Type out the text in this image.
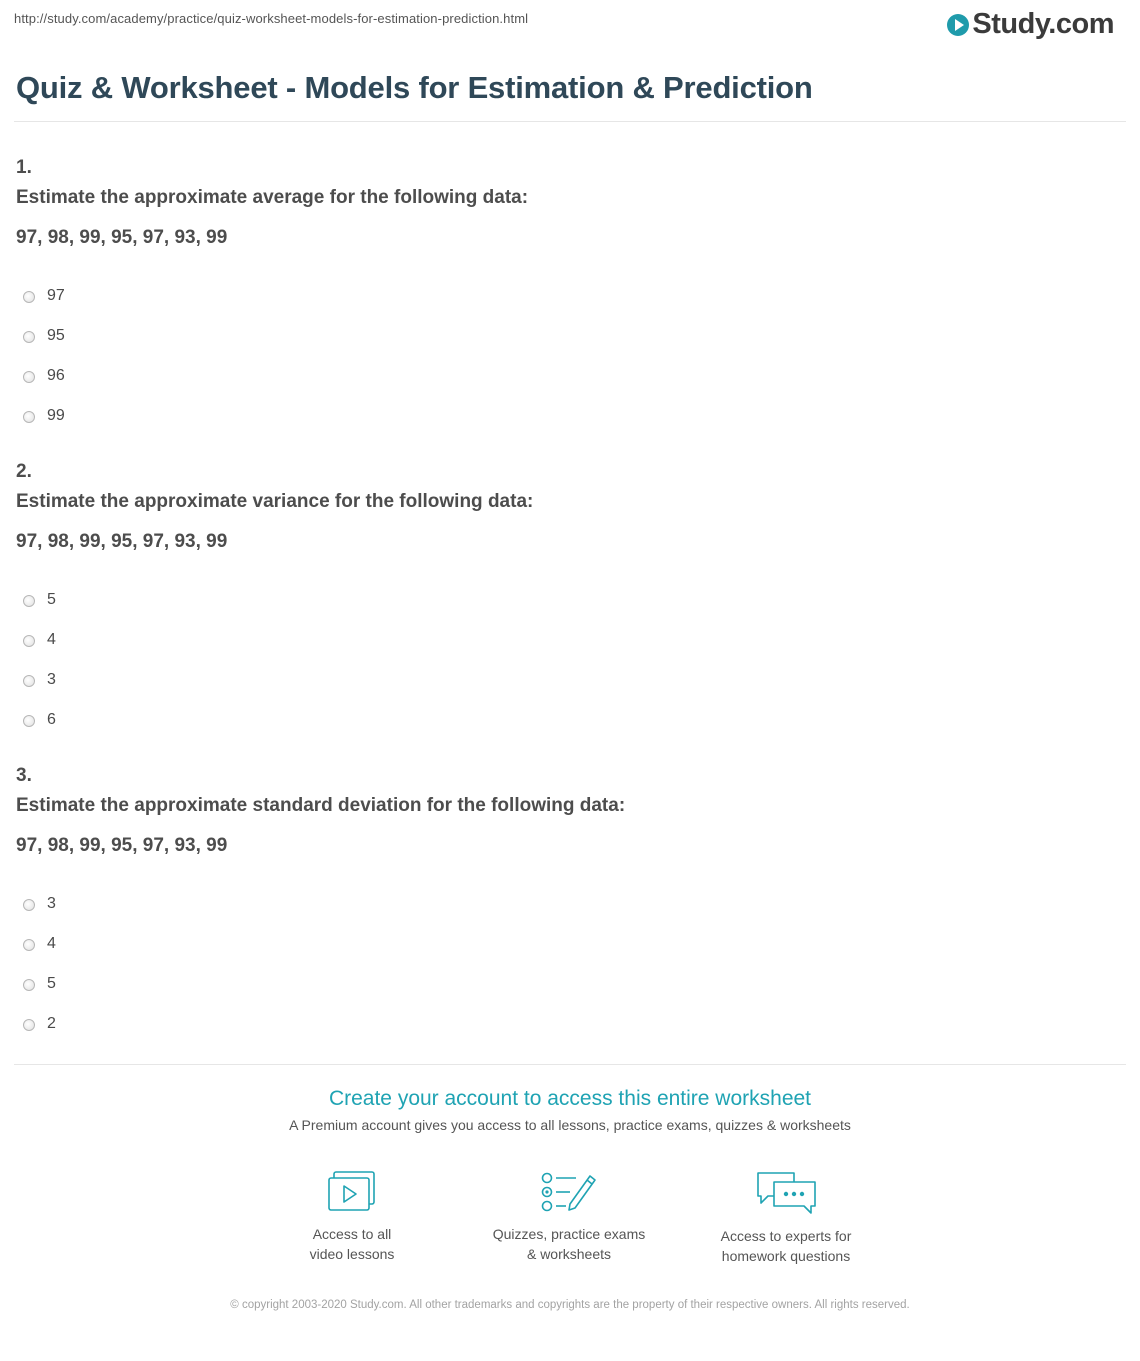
http://study.com/academy/practice/quiz-worksheet-models-for-estimation-prediction.html	Study.com
Quiz & Worksheet - Models for Estimation & Prediction
1.
Estimate the approximate average for the following data:
97, 98, 99, 95, 97, 93, 99
97
95
96
99
2.
Estimate the approximate variance for the following data:
97, 98, 99, 95, 97, 93, 99
5
4
3
6
3.
Estimate the approximate standard deviation for the following data:
97, 98, 99, 95, 97, 93, 99
3
4
5
2
Create your account to access this entire worksheet
A Premium account gives you access to all lessons, practice exams, quizzes & worksheets
Access to all
video lessons
Quizzes, practice exams
& worksheets
Access to experts for
homework questions
© copyright 2003-2020 Study.com. All other trademarks and copyrights are the property of their respective owners. All rights reserved.
